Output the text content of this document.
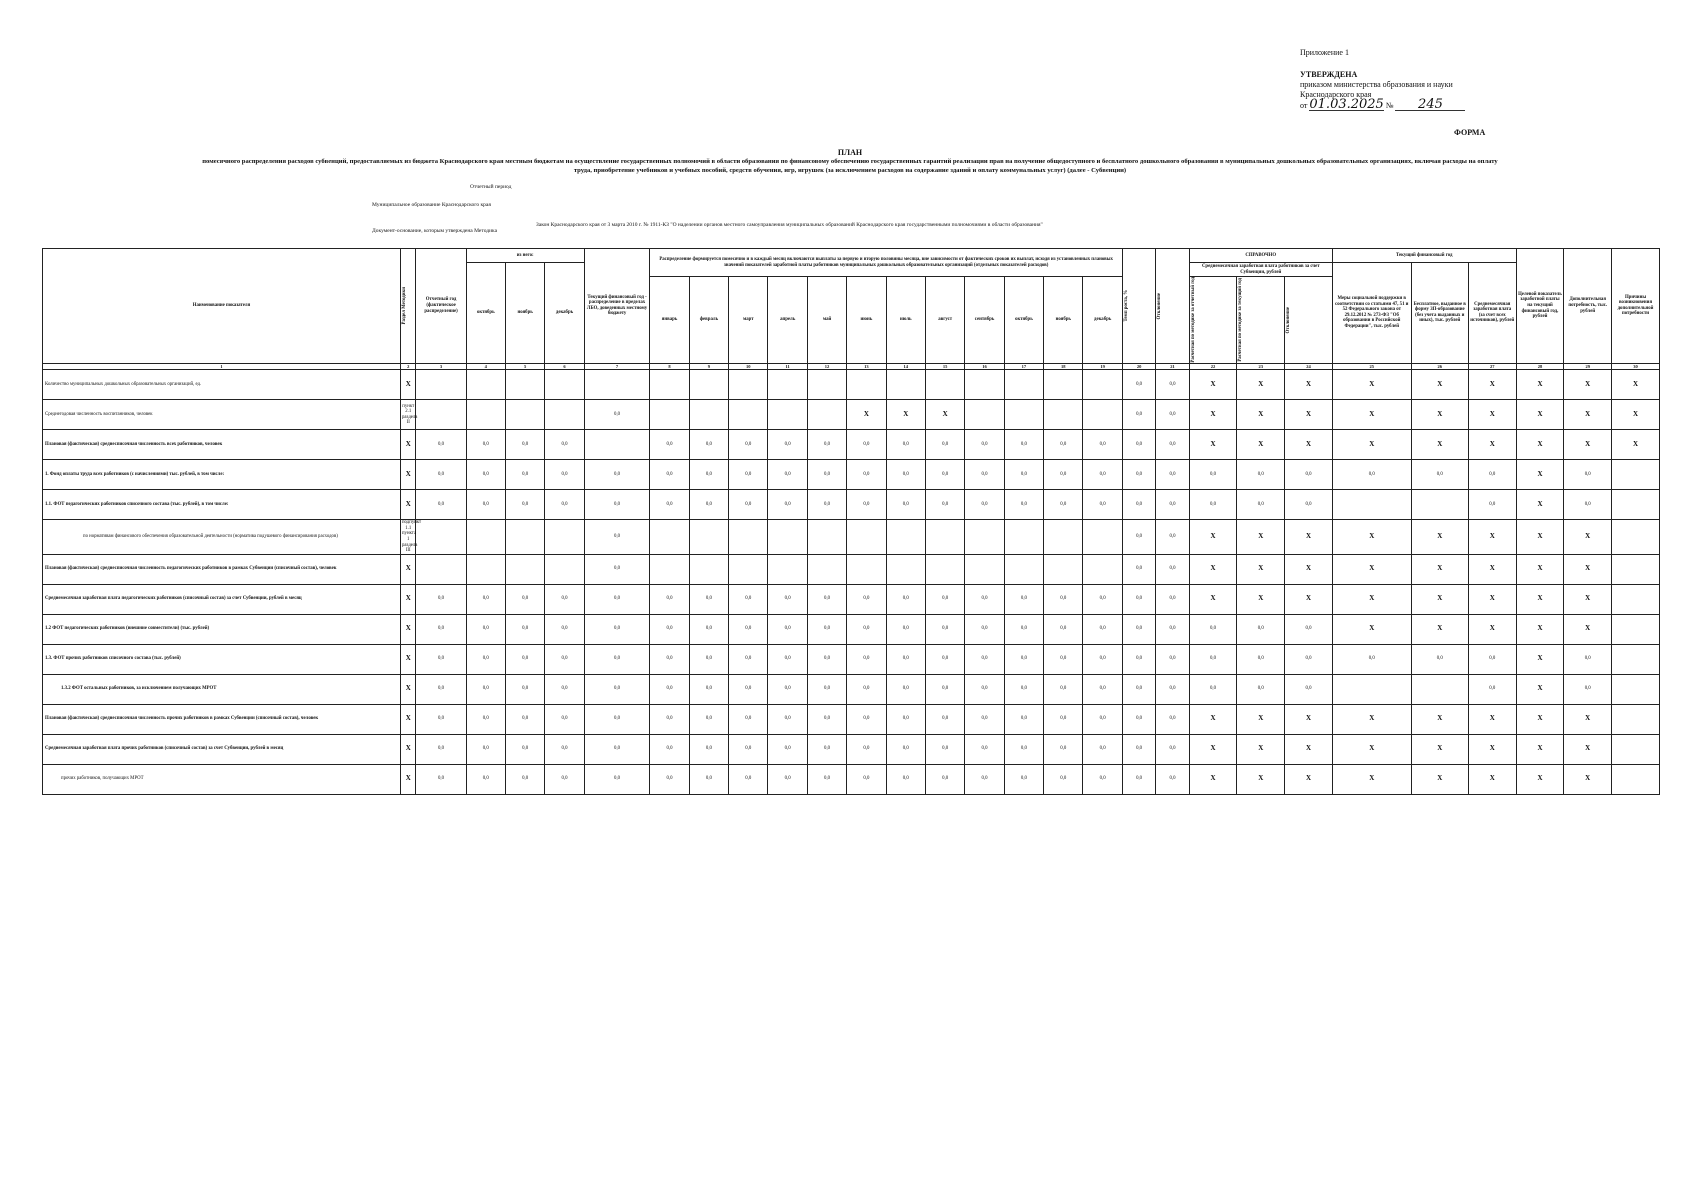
Приложение 1
УТВЕРЖДЕНА
приказом министерства образования и науки
Краснодарского края
от 01.03.2025 № 245
ФОРМА
ПЛАН
помесячного распределения расходов субвенций, предоставляемых из бюджета Краснодарского края местным бюджетам на осуществление государственных полномочий в области образования по финансовому обеспечению государственных гарантий реализации прав на получение общедоступного и бесплатного дошкольного образования в муниципальных дошкольных образовательных организациях, включая расходы на оплату труда, приобретение учебников и учебных пособий, средств обучения, игр, игрушек (за исключением расходов на содержание зданий и оплату коммунальных услуг) (далее - Субвенции)
Отчетный период
Муниципальное образование Краснодарского края
Документ-основание, которым утверждена Методика
Закон Краснодарского края от 3 марта 2010 г. № 1911-КЗ "О наделении органов местного самоуправления муниципальных образований Краснодарского края государственными полномочиями в области образования"
Наименование показателя	Раздел Методики	Отчетный год (фактическое распределение)	из него:			Текущий финансовый год - распределение в пределах ЛБО, доведенных местному бюджету	Распределение формируется помесячно и в каждый месяц включаются выплаты за первую и вторую половины месяца, вне зависимости от фактических сроков их выплат, исходя из установленных плановых значений показателей заработной платы работников муниципальных дошкольных образовательных организаций (отдельных показателей расходов)												Темп роста, %	Отклонение	СПРАВОЧНО			Текущий финансовый год			Целевой показатель заработной платы на текущий финансовый год, рублей	Дополнительная потребность, тыс. рублей	Причины возникновения дополнительной потребности
			октябрь	ноябрь	декабрь																Среднемесячная заработная плата работников за счет Субвенции, рублей			Меры социальной поддержки в соответствии со статьями 47, 51 и 52 Федерального закона от 29.12.2012 № 273-ФЗ "Об образовании в Российской Федерации", тыс. рублей	Бесплатное, выданное в форму ЗП-образование (без учета выданных и иных), тыс. рублей	Среднемесячная заработная плата (за счет всех источников), рублей			
							январь	февраль	март	апрель	май	июнь	июль	август	сентябрь	октябрь	ноябрь	декабрь			Расчетная по методике за отчетный год	Расчетная по методике за текущий год	Отклонение						

1	2	3	4	5	6	7	8	9	10	11	12	13	14	15	16	17	18	19	20	21	22	23	24	25	26	27	28	29	30
Количество муниципальных дошкольных образовательных организаций, ед.	X																		0,0	0,0	X	X	X	X	X	X	X	X	X
Среднегодовая численность воспитанников, человек	пункт 2.1 раздела II					0,0						X	X	X					0,0	0,0	X	X	X	X	X	X	X	X	X
Плановая (фактическая) среднесписочная численность всех работников, человек	X	0,0	0,0	0,0	0,0		0,0	0,0	0,0	0,0	0,0	0,0	0,0	0,0	0,0	0,0	0,0	0,0	0,0	0,0	X	X	X	X	X	X	X	X	X
1. Фонд оплаты труда всех работников (с начислениями) тыс. рублей, в том числе:	X	0,0	0,0	0,0	0,0	0,0	0,0	0,0	0,0	0,0	0,0	0,0	0,0	0,0	0,0	0,0	0,0	0,0	0,0	0,0	0,0	0,0	0,0	0,0	0,0	0,0	X	0,0	
1.1. ФОТ педагогических работников списочного состава (тыс. рублей), в том числе:	X	0,0	0,0	0,0	0,0	0,0	0,0	0,0	0,0	0,0	0,0	0,0	0,0	0,0	0,0	0,0	0,0	0,0	0,0	0,0	0,0	0,0	0,0			0,0	X	0,0	
по нормативам финансового обеспечения образовательной деятельности (норматива подушевого финансирования расходов)	подпункт 1.1 пункта 1 раздела III					0,0													0,0	0,0	X	X	X	X	X	X	X	X	
Плановая (фактическая) среднесписочная численность педагогических работников в рамках Субвенции (списочный состав), человек	X					0,0													0,0	0,0	X	X	X	X	X	X	X	X	
Среднемесячная заработная плата педагогических работников (списочный состав) за счет Субвенции, рублей в месяц	X	0,0	0,0	0,0	0,0	0,0	0,0	0,0	0,0	0,0	0,0	0,0	0,0	0,0	0,0	0,0	0,0	0,0	0,0	0,0	X	X	X	X	X	X	X	X	
1.2 ФОТ педагогических работников (внешние совместители) (тыс. рублей)	X	0,0	0,0	0,0	0,0	0,0	0,0	0,0	0,0	0,0	0,0	0,0	0,0	0,0	0,0	0,0	0,0	0,0	0,0	0,0	0,0	0,0	0,0	X	X	X	X	X	
1.3. ФОТ прочих работников списочного состава (тыс. рублей)	X	0,0	0,0	0,0	0,0	0,0	0,0	0,0	0,0	0,0	0,0	0,0	0,0	0,0	0,0	0,0	0,0	0,0	0,0	0,0	0,0	0,0	0,0	0,0	0,0	0,0	X	0,0	
1.3.2 ФОТ остальных работников, за исключением получающих МРОТ	X	0,0	0,0	0,0	0,0	0,0	0,0	0,0	0,0	0,0	0,0	0,0	0,0	0,0	0,0	0,0	0,0	0,0	0,0	0,0	0,0	0,0	0,0			0,0	X	0,0	
Плановая (фактическая) среднесписочная численность прочих работников в рамках Субвенции (списочный состав), человек	X	0,0	0,0	0,0	0,0	0,0	0,0	0,0	0,0	0,0	0,0	0,0	0,0	0,0	0,0	0,0	0,0	0,0	0,0	0,0	X	X	X	X	X	X	X	X	
Среднемесячная заработная плата прочих работников (списочный состав) за счет Субвенции, рублей в месяц	X	0,0	0,0	0,0	0,0	0,0	0,0	0,0	0,0	0,0	0,0	0,0	0,0	0,0	0,0	0,0	0,0	0,0	0,0	0,0	X	X	X	X	X	X	X	X	
прочих работников, получающих МРОТ	X	0,0	0,0	0,0	0,0	0,0	0,0	0,0	0,0	0,0	0,0	0,0	0,0	0,0	0,0	0,0	0,0	0,0	0,0	0,0	X	X	X	X	X	X	X	X	
